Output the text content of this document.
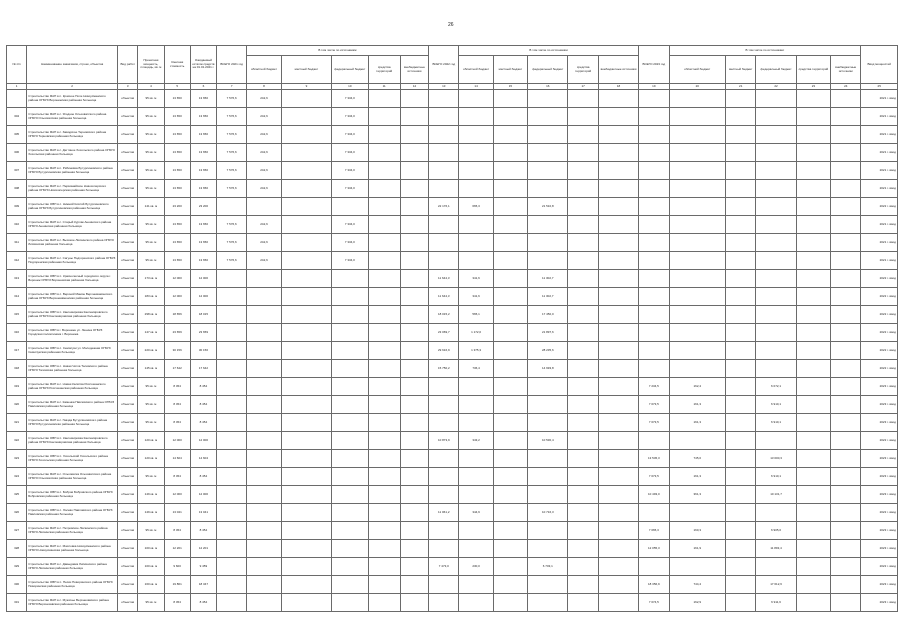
26
№ п/п	Наименование заказчиков, строек, объектов	Вид работ	Проектная мощность, площадь, кв. м	Сметная стоимость	Ожидаемый остаток средств на 01.01.2021 г.	ВСЕГО 2021 год	В том числе по источникам:					ВСЕГО 2022 год	В том числе по источникам:					ВСЕГО 2023 год	В том числе по источникам:					Ввод мощностей
							областной бюджет	местный бюджет	федеральный бюджет	средства территорий	внебюджетные источники		областной бюджет	местный бюджет	федеральный бюджет	средства территорий	внебюджетные источники		областной бюджет	местный бюджет	федеральный бюджет	средства территорий	внебюджетные источники	
1	2	3	4	5	6	7	8	9	10	11	12	13	14	15	16	17	18	19	20	21	22	23	24	25
	Строительство ФАП в п. Красное Поле Новоусманского района ОГБУЗ Воронежская районная больница	объектов	95 кв. м	13 650	13 650	7 576,6	242,6		7 334,0															2021 г. ввод
304	Строительство ФАП в с. Ягодное Ольховатского района ОГБУЗ Ольховатская районная больница	объектов	95 кв. м	13 650	13 650	7 576,6	242,6		7 334,0															2021 г. ввод
305	Строительство ФАП в с. Заводское Терновского района ОГБУЗ Терновская районная больница	объектов	95 кв. м	13 650	13 650	7 576,6	242,6		7 334,0															2021 г. ввод
306	Строительство ФАП в с. Дегтяное Хохольского района ОГБУЗ Хохольская районная больница	объектов	95 кв. м	13 650	13 650	7 576,6	242,6		7 334,0															2021 г. ввод
307	Строительство ФАП в п. Рябиновка Бутурлиновского района ОГБУЗ Бутурлиновская районная больница	объектов	95 кв. м	13 650	13 650	7 576,6	242,6		7 334,0															2021 г. ввод
308	Строительство ФАП в с. Первомайское Новохоперского района ОГБУЗ Новохоперская районная больница	объектов	95 кв. м	13 650	13 650	7 576,6	242,6		7 334,0															2021 г. ввод
309	Строительство ОВП в с. Нижний Кисляй Бутурлиновского района ОГБУЗ Бутурлиновская районная больница	объектов	141 кв. м	23 200	23 200							22 176,1	665,3		21 510,8									2022 г. ввод
310	Строительство ФАП в с. Старый Курлак Аннинского района ОГБУЗ Аннинская районная больница	объектов	95 кв. м	13 650	13 650	7 576,6	242,6		7 334,0															2021 г. ввод
311	Строительство ФАП в с. Высокое Лискинского района ОГБУЗ Лискинская районная больница	объектов	95 кв. м	13 650	13 650	7 576,6	242,6		7 334,0															2021 г. ввод
312	Строительство ФАП в с. Сагуны Подгоренского района ОГБУЗ Подгоренская районная больница	объектов	95 кв. м	13 650	13 650	7 576,6	242,6		7 334,0															2021 г. ввод
313	Строительство ОВП в п. Краснолесный городского округа г. Воронеж ОГБУЗ Воронежская районная больница	объектов	173 кв. м	12 000	12 000							11 644,3	341,6		11 302,7									2022 г. ввод
314	Строительство ОВП в с. Верхний Мамон Верхнемамонского района ОГБУЗ Верхнемамонская районная больница	объектов	183 кв. м	12 000	12 000							11 644,3	341,6		11 302,7									2022 г. ввод
315	Строительство ОВП в п. Кантемировка Кантемировского района ОГБУЗ Кантемировская районная больница	объектов	298 кв. м	18 656	18 015							18 015,2	565,1		17 450,0									2022 г. ввод
316	Строительство ОВП в г. Воронеже ул. Ленина ОГБУЗ Городская поликлиника г. Воронежа	объектов	147 кв. м	23 659	23 659							23 069,7	1 172,0		21 897,6									2022 г. ввод
317	Строительство ОВП в с. Семилуки ул. Молодежная ОГБУЗ Семилукская районная больница	объектов	220 кв. м	30 156	30 156							29 616,9	1 375,3		28 235,6									2022 г. ввод
318	Строительство ОВП в с. Новая Чигла Таловского района ОГБУЗ Таловская районная больница	объектов	145 кв. м	17 642	17 642							15 750,2	736,4		14 993,8									2022 г. ввод
319	Строительство ФАП в с. Новая Калитва Россошанского района ОГБУЗ Россошанская районная больница	объектов	95 кв. м	8 454	8 454													7 234,5	162,4		6 072,1			2023 г. ввод
320	Строительство ФАП в с. Каменка Павловского района ОГБУЗ Павловская районная больница	объектов	95 кв. м	8 454	8 454													7 073,5	161,3		6 910,1			2023 г. ввод
321	Строительство ФАП в с. Гвазда Бутурлиновского района ОГБУЗ Бутурлиновская районная больница	объектов	95 кв. м	8 454	8 454													7 073,5	161,3		6 910,1			2023 г. ввод
322	Строительство ОВП в п. Кантемировка Кантемировского района ОГБУЗ Кантемировская районная больница	объектов	120 кв. м	12 000	12 000							10 873,9	343,2		10 530,4									2022 г. ввод
323	Строительство ОВП в п. Хохольский Хохольского района ОГБУЗ Хохольская районная больница	объектов	120 кв. м	14 604	14 604													13 545,3	745,0		13 000,3			2023 г. ввод
324	Строительство ФАП в с. Ольховатка Ольховатского района ОГБУЗ Ольховатская районная больница	объектов	95 кв. м	8 454	8 454													7 073,5	161,3		6 910,1			2023 г. ввод
325	Строительство ОВП в с. Бобров Бобровского района ОГБУЗ Бобровская районная больница	объектов	149 кв. м	12 000	12 000													10 493,0	361,3		10 131,7			2023 г. ввод
326	Строительство ОВП в с. Лосево Павловского района ОГБУЗ Павловская районная больница	объектов	149 кв. м	13 041	13 041							11 061,2	344,9		10 716,3									2022 г. ввод
327	Строительство ФАП в с. Петровское Лискинского района ОГБУЗ Лискинская районная больница	объектов	95 кв. м	8 454	8 454													7 065,3	160,3		6 905,0			2023 г. ввод
328	Строительство ФАП в с. Масловка Новоусманского района ОГБУЗ Новоусманская районная больница	объектов	100 кв. м	12 201	12 201													12 055,3	161,9		11 893,4			2023 г. ввод
329	Строительство ФАП в с. Давыдовка Лискинского района ОГБУЗ Лискинская районная больница	объектов	100 кв. м	9 600	9 459							7 473,0	230,0		6 703,1									2022 г. ввод
330	Строительство ОВП в п. Пески Поворинского района ОГБУЗ Поворинская районная больница	объектов	160 кв. м	19 861	18 347													18 356,9	744,4		17 612,6			2023 г. ввод
331	Строительство ФАП в с. Мужичье Верхнехавского района ОГБУЗ Верхнехавская районная больница	объектов	95 кв. м	8 454	8 454													7 074,5	162,9		6 911,6			2023 г. ввод
